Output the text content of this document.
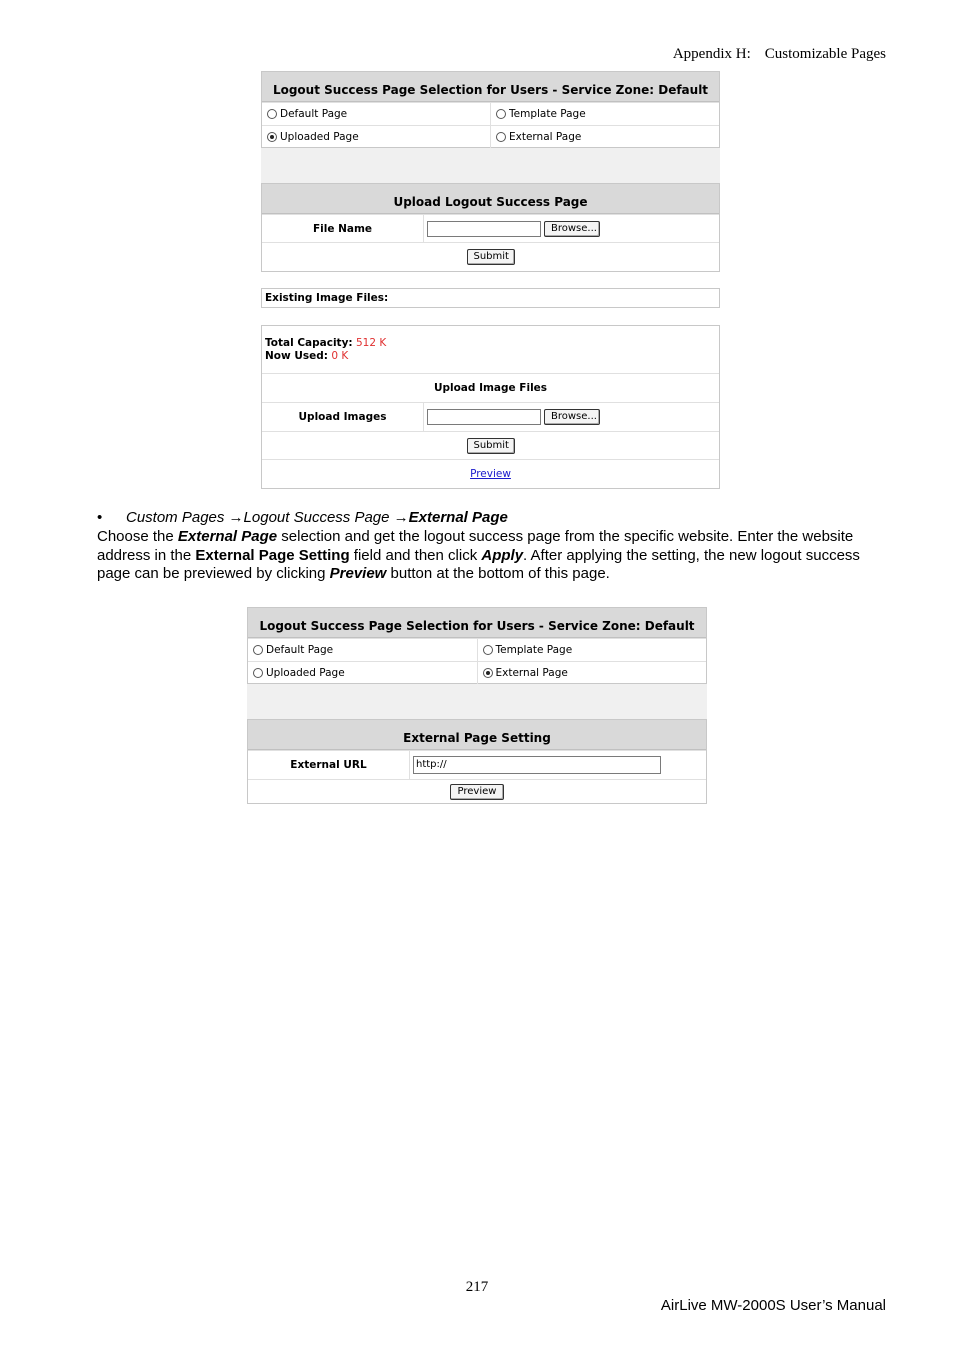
Appendix H: Customizable Pages
Logout Success Page Selection for Users - Service Zone: Default
Default Page	Template Page
Uploaded Page	External Page
Upload Logout Success Page
File Name	Browse...
Submit
Existing Image Files:
Total Capacity: 512 K
Now Used: 0 K
Upload Image Files
Upload Images	Browse...
Submit
Preview
• Custom Pages →Logout Success Page →External Page
Choose the External Page selection and get the logout success page from the specific website. Enter the website address in the External Page Setting field and then click Apply. After applying the setting, the new logout success page can be previewed by clicking Preview button at the bottom of this page.
Logout Success Page Selection for Users - Service Zone: Default
Default Page	Template Page
Uploaded Page	External Page
External Page Setting
External URL	http://
Preview
217
AirLive MW-2000S User’s Manual
